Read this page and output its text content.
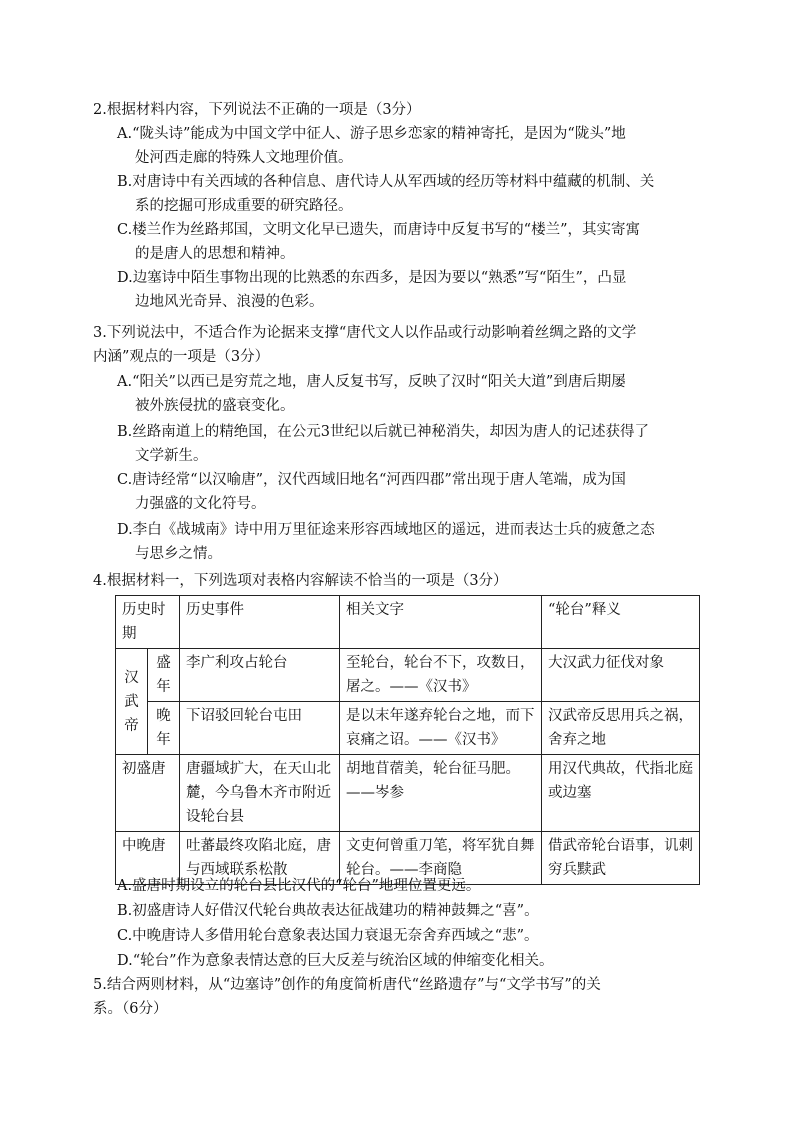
2.根据材料内容，下列说法不正确的一项是（3分）
A.“陇头诗”能成为中国文学中征人、游子思乡恋家的精神寄托，是因为“陇头”地
处河西走廊的特殊人文地理价值。
B.对唐诗中有关西域的各种信息、唐代诗人从军西域的经历等材料中蕴藏的机制、关
系的挖掘可形成重要的研究路径。
C.楼兰作为丝路邦国，文明文化早已遗失，而唐诗中反复书写的“楼兰”，其实寄寓
的是唐人的思想和精神。
D.边塞诗中陌生事物出现的比熟悉的东西多，是因为要以“熟悉”写“陌生”，凸显
边地风光奇异、浪漫的色彩。
3.下列说法中，不适合作为论据来支撑“唐代文人以作品或行动影响着丝绸之路的文学
内涵”观点的一项是（3分）
A.“阳关”以西已是穷荒之地，唐人反复书写，反映了汉时“阳关大道”到唐后期屡
被外族侵扰的盛衰变化。
B.丝路南道上的精绝国，在公元3世纪以后就已神秘消失，却因为唐人的记述获得了
文学新生。
C.唐诗经常“以汉喻唐”，汉代西域旧地名“河西四郡”常出现于唐人笔端，成为国
力强盛的文化符号。
D.李白《战城南》诗中用万里征途来形容西域地区的遥远，进而表达士兵的疲惫之态
与思乡之情。
4.根据材料一，下列选项对表格内容解读不恰当的一项是（3分）
历史时期		历史事件	相关文字	“轮台”释义
汉武帝	盛年	李广利攻占轮台	至轮台，轮台不下，攻数日，屠之。——《汉书》	大汉武力征伐对象
	晚年	下诏驳回轮台屯田	是以末年遂弃轮台之地，而下哀痛之诏。——《汉书》	汉武帝反思用兵之祸，舍弃之地
初盛唐		唐疆域扩大，在天山北麓，今乌鲁木齐市附近设轮台县	胡地苜蓿美，轮台征马肥。——岑参	用汉代典故，代指北庭或边塞
中晚唐		吐蕃最终攻陷北庭，唐与西域联系松散	文吏何曾重刀笔，将军犹自舞轮台。——李商隐	借武帝轮台语事，讥刺穷兵黩武
A.盛唐时期设立的轮台县比汉代的“轮台”地理位置更远。
B.初盛唐诗人好借汉代轮台典故表达征战建功的精神鼓舞之“喜”。
C.中晚唐诗人多借用轮台意象表达国力衰退无奈舍弃西域之“悲”。
D.“轮台”作为意象表情达意的巨大反差与统治区域的伸缩变化相关。
5.结合两则材料，从“边塞诗”创作的角度简析唐代“丝路遗存”与“文学书写”的关
系。（6分）
